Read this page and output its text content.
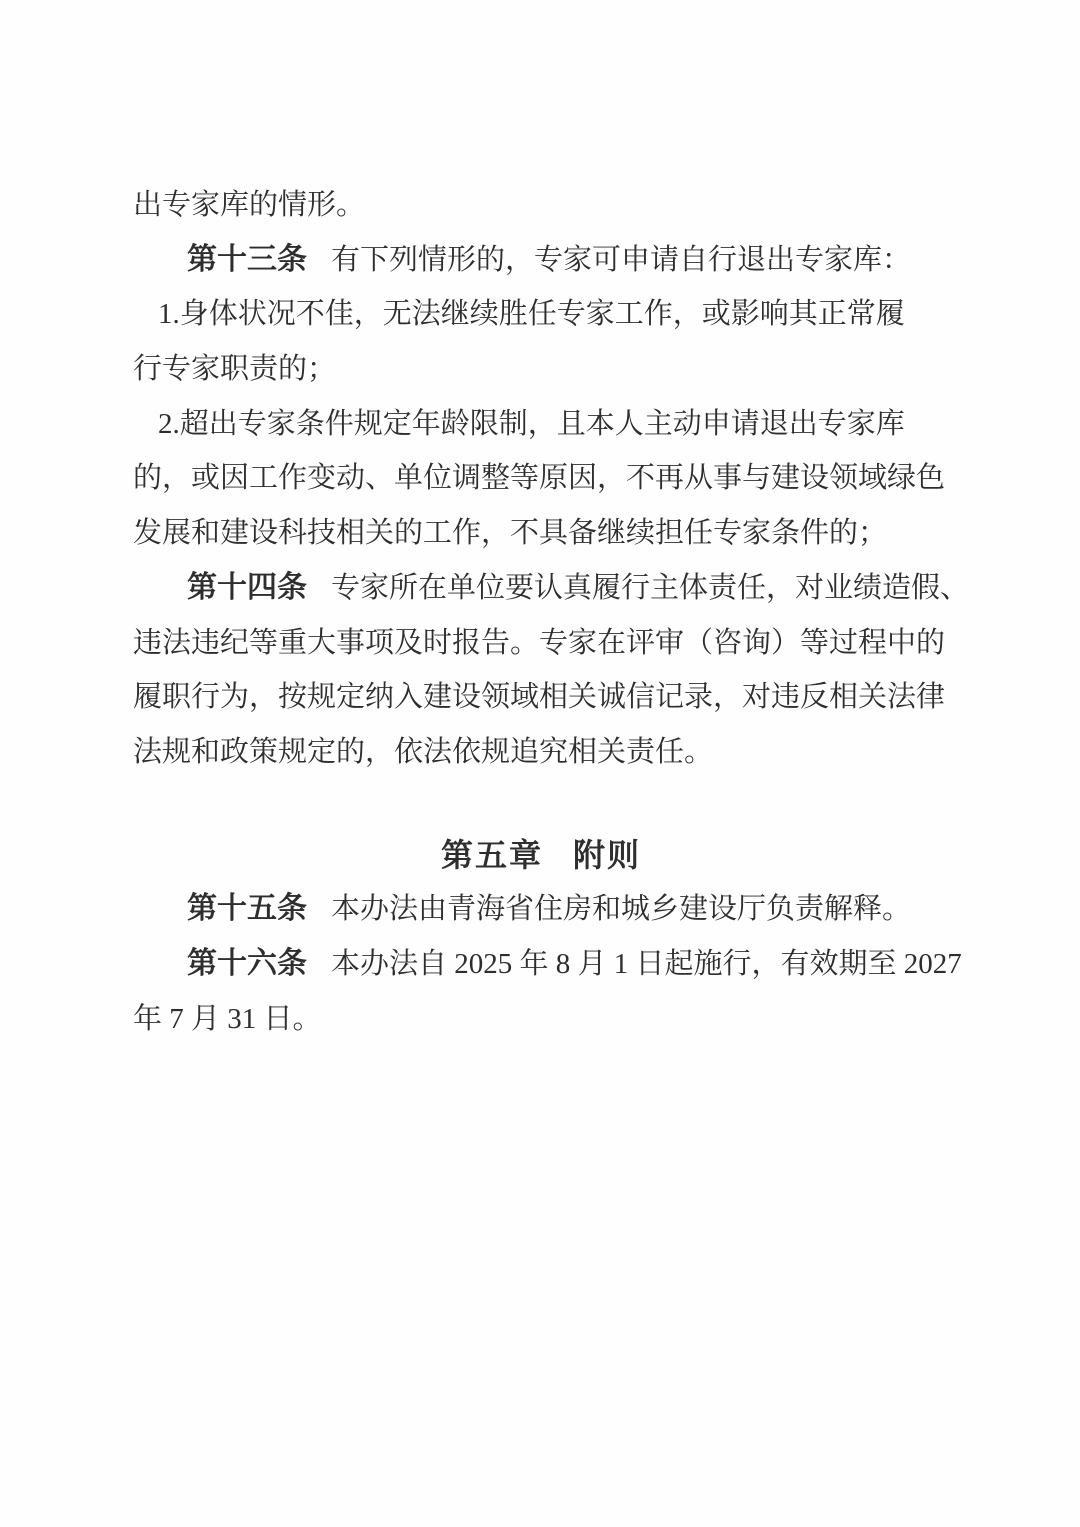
出专家库的情形。
第十三条 有下列情形的，专家可申请自行退出专家库：
1.身体状况不佳，无法继续胜任专家工作，或影响其正常履
行专家职责的；
2.超出专家条件规定年龄限制，且本人主动申请退出专家库
的，或因工作变动、单位调整等原因，不再从事与建设领域绿色
发展和建设科技相关的工作，不具备继续担任专家条件的；
第十四条 专家所在单位要认真履行主体责任，对业绩造假、
违法违纪等重大事项及时报告。专家在评审（咨询）等过程中的
履职行为，按规定纳入建设领域相关诚信记录，对违反相关法律
法规和政策规定的，依法依规追究相关责任。
第五章 附则
第十五条 本办法由青海省住房和城乡建设厅负责解释。
第十六条 本办法自 2025 年 8 月 1 日起施行，有效期至 2027
年 7 月 31 日。
